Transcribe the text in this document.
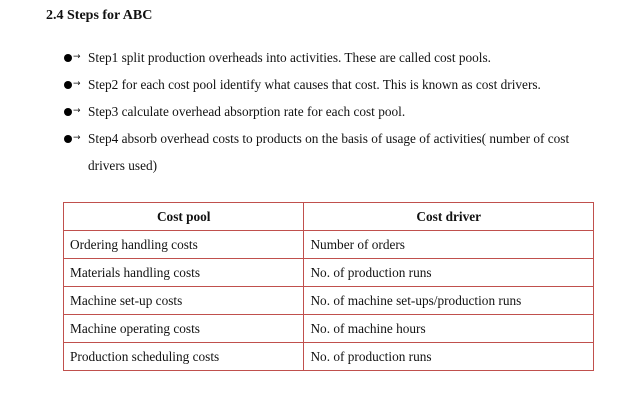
2.4 Steps for ABC
→ Step1 split production overheads into activities. These are called cost pools.
→ Step2 for each cost pool identify what causes that cost. This is known as cost drivers.
→ Step3 calculate overhead absorption rate for each cost pool.
→ Step4 absorb overhead costs to products on the basis of usage of activities( number of cost drivers used)
Cost pool	Cost driver
Ordering handling costs	Number of orders
Materials handling costs	No. of production runs
Machine set-up costs	No. of machine set-ups/production runs
Machine operating costs	No. of machine hours
Production scheduling costs	No. of production runs
